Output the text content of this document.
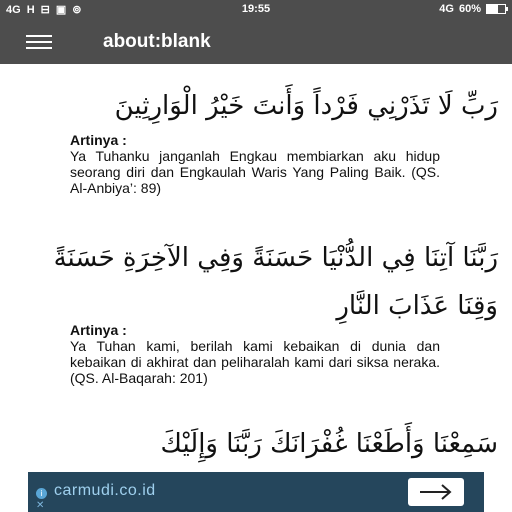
4G H ⊟ ▣ ⊚	19:55	4G 60%
about:blank
رَبِّ لَا تَذَرْنِي فَرْداً وَأَنتَ خَيْرُ الْوَارِثِينَ
Artinya :
Ya Tuhanku janganlah Engkau membiarkan aku hidup seorang diri dan Engkaulah Waris Yang Paling Baik. (QS. Al-Anbiya’: 89)
رَبَّنَا آتِنَا فِي الدُّنْيَا حَسَنَةً وَفِي الآخِرَةِ حَسَنَةً وَقِنَا عَذَابَ النَّارِ
Artinya :
Ya Tuhan kami, berilah kami kebaikan di dunia dan kebaikan di akhirat dan peliharalah kami dari siksa neraka. (QS. Al-Baqarah: 201)
سَمِعْنَا وَأَطَعْنَا غُفْرَانَكَ رَبَّنَا وَإِلَيْكَ
i
✕
carmudi.co.id
